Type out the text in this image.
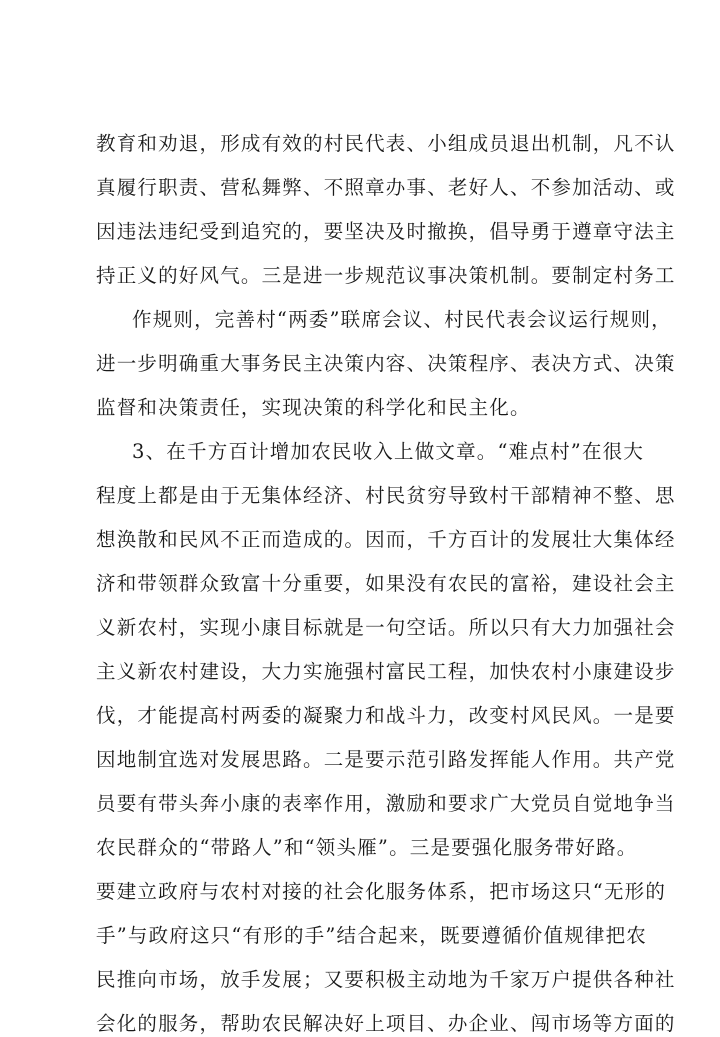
教育和劝退，形成有效的村民代表、小组成员退出机制，凡不认
真履行职责、营私舞弊、不照章办事、老好人、不参加活动、或
因违法违纪受到追究的，要坚决及时撤换，倡导勇于遵章守法主
持正义的好风气。三是进一步规范议事决策机制。要制定村务工
作规则，完善村“两委”联席会议、村民代表会议运行规则，
进一步明确重大事务民主决策内容、决策程序、表决方式、决策
监督和决策责任，实现决策的科学化和民主化。
3、在千方百计增加农民收入上做文章。“难点村”在很大
程度上都是由于无集体经济、村民贫穷导致村干部精神不整、思
想涣散和民风不正而造成的。因而，千方百计的发展壮大集体经
济和带领群众致富十分重要，如果没有农民的富裕，建设社会主
义新农村，实现小康目标就是一句空话。所以只有大力加强社会
主义新农村建设，大力实施强村富民工程，加快农村小康建设步
伐，才能提高村两委的凝聚力和战斗力，改变村风民风。一是要
因地制宜选对发展思路。二是要示范引路发挥能人作用。共产党
员要有带头奔小康的表率作用，激励和要求广大党员自觉地争当
农民群众的“带路人”和“领头雁”。三是要强化服务带好路。
要建立政府与农村对接的社会化服务体系，把市场这只“无形的
手”与政府这只“有形的手”结合起来，既要遵循价值规律把农
民推向市场，放手发展；又要积极主动地为千家万户提供各种社
会化的服务，帮助农民解决好上项目、办企业、闯市场等方面的
